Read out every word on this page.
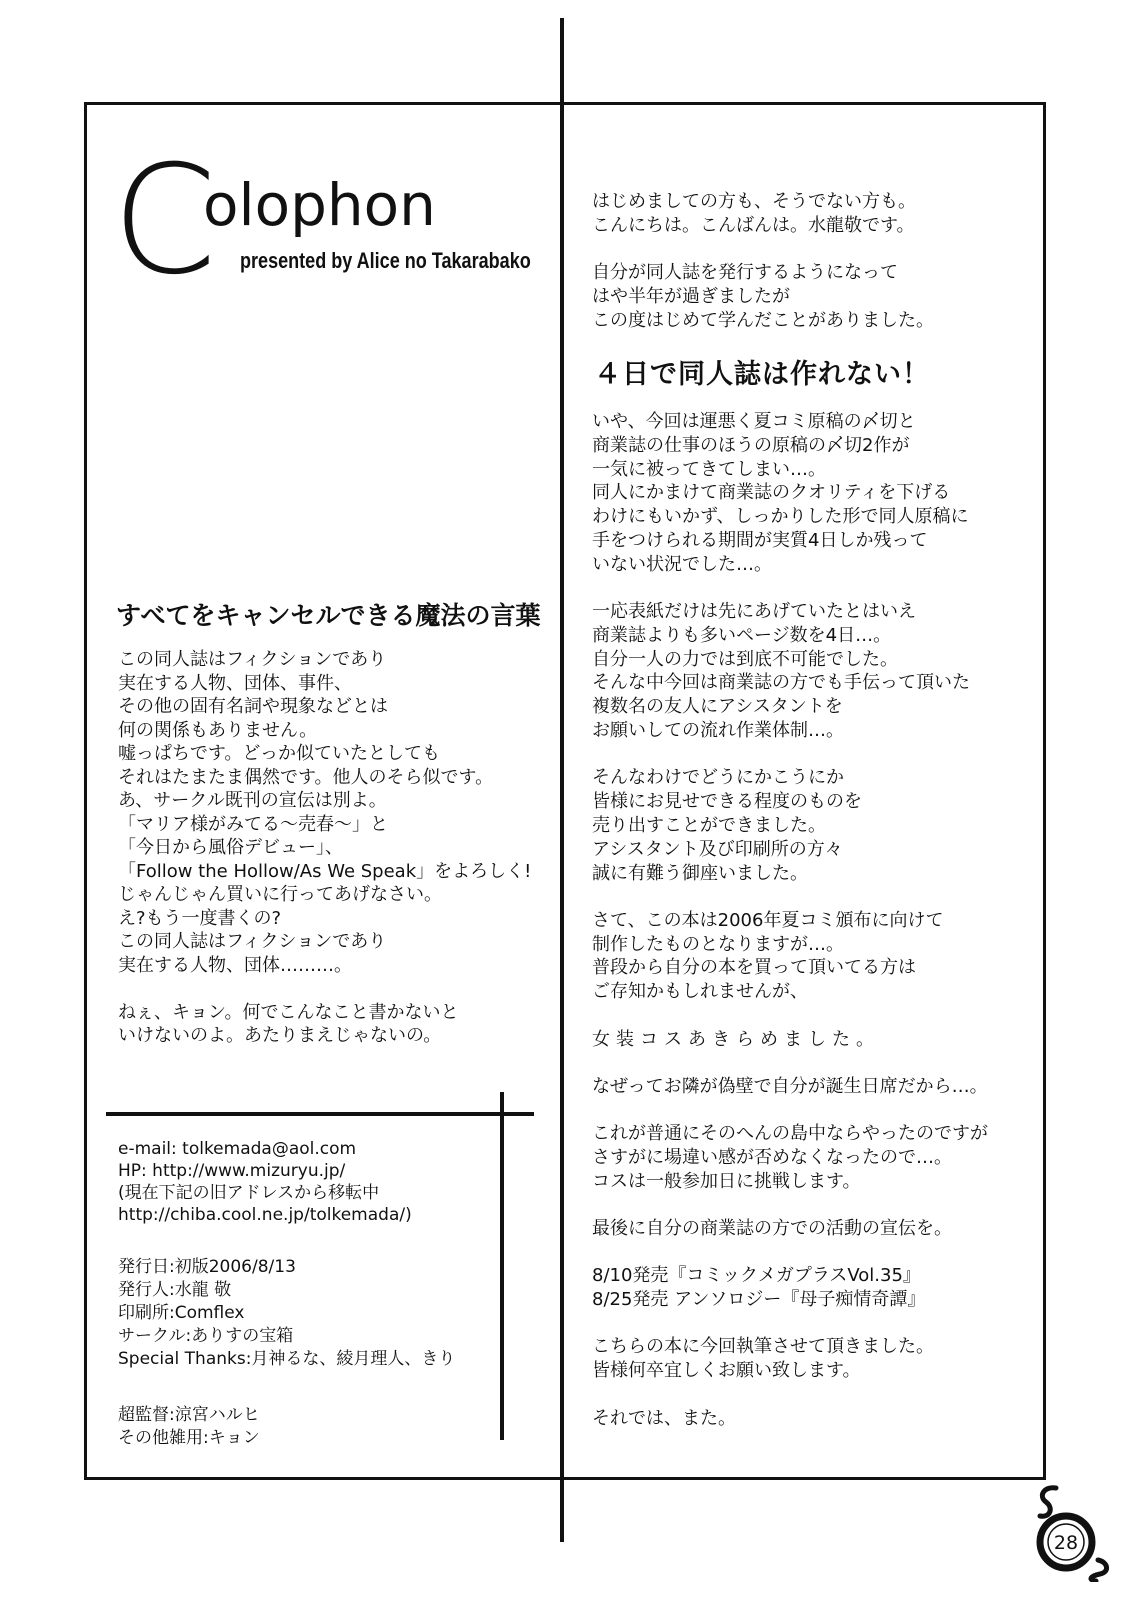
C
olophon
presented by Alice no Takarabako
すべてをキャンセルできる魔法の言葉
この同人誌はフィクションであり
実在する人物、団体、事件、
その他の固有名詞や現象などとは
何の関係もありません。
嘘っぱちです。どっか似ていたとしても
それはたまたま偶然です。他人のそら似です。
あ、サークル既刊の宣伝は別よ。
「マリア様がみてる〜売春〜」と
「今日から風俗デビュー」、
「Follow the Hollow/As We Speak」をよろしく!
じゃんじゃん買いに行ってあげなさい。
え?もう一度書くの?
この同人誌はフィクションであり
実在する人物、団体………。
ねぇ、キョン。何でこんなこと書かないと
いけないのよ。あたりまえじゃないの。
e-mail: tolkemada@aol.com
HP: http://www.mizuryu.jp/
(現在下記の旧アドレスから移転中
http://chiba.cool.ne.jp/tolkemada/)
発行日:初版2006/8/13
発行人:水龍 敬
印刷所:Comflex
サークル:ありすの宝箱
Special Thanks:月神るな、綾月理人、きり
超監督:涼宮ハルヒ
その他雑用:キョン
はじめましての方も、そうでない方も。
こんにちは。こんばんは。水龍敬です。
自分が同人誌を発行するようになって
はや半年が過ぎましたが
この度はじめて学んだことがありました。
４日で同人誌は作れない！
いや、今回は運悪く夏コミ原稿の〆切と
商業誌の仕事のほうの原稿の〆切2作が
一気に被ってきてしまい…。
同人にかまけて商業誌のクオリティを下げる
わけにもいかず、しっかりした形で同人原稿に
手をつけられる期間が実質4日しか残って
いない状況でした…。
一応表紙だけは先にあげていたとはいえ
商業誌よりも多いページ数を4日…。
自分一人の力では到底不可能でした。
そんな中今回は商業誌の方でも手伝って頂いた
複数名の友人にアシスタントを
お願いしての流れ作業体制…。
そんなわけでどうにかこうにか
皆様にお見せできる程度のものを
売り出すことができました。
アシスタント及び印刷所の方々
誠に有難う御座いました。
さて、この本は2006年夏コミ頒布に向けて
制作したものとなりますが…。
普段から自分の本を買って頂いてる方は
ご存知かもしれませんが、
女装コスあきらめました。
なぜってお隣が偽壁で自分が誕生日席だから…。
これが普通にそのへんの島中ならやったのですが
さすがに場違い感が否めなくなったので…。
コスは一般参加日に挑戦します。
最後に自分の商業誌の方での活動の宣伝を。
8/10発売『コミックメガプラスVol.35』
8/25発売 アンソロジー『母子痴情奇譚』
こちらの本に今回執筆させて頂きました。
皆様何卒宜しくお願い致します。
それでは、また。
28
